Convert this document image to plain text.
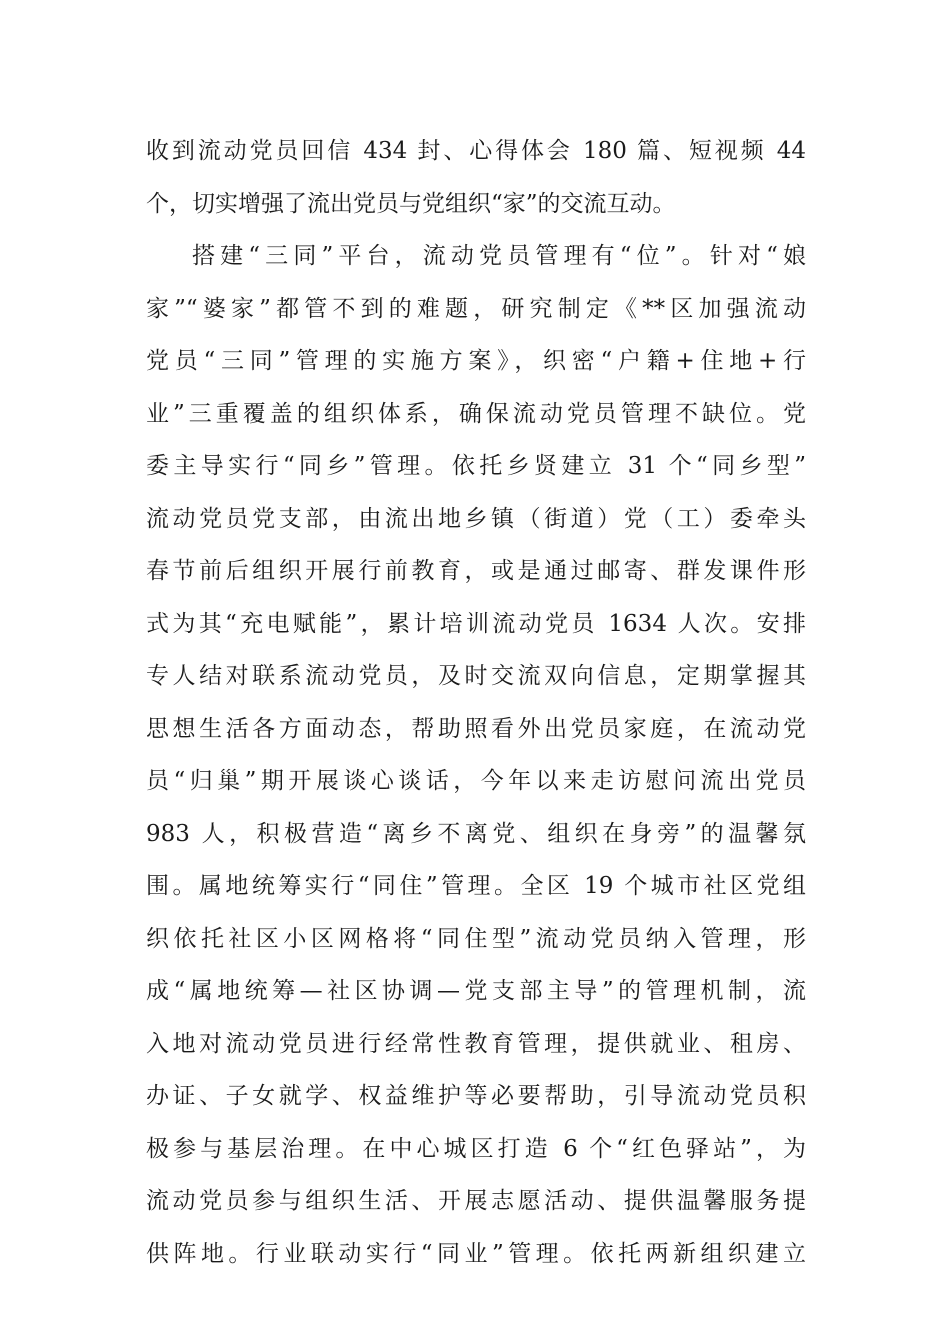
收到流动党员回信 434 封、心得体会 180 篇、短视频 44
个，切实增强了流出党员与党组织“家”的交流互动。
搭建“三同”平台，流动党员管理有“位”。针对“娘
家”“婆家”都管不到的难题，研究制定《**区加强流动
党员“三同”管理的实施方案》，织密“户籍+住地+行
业”三重覆盖的组织体系，确保流动党员管理不缺位。党
委主导实行“同乡”管理。依托乡贤建立 31 个“同乡型”
流动党员党支部，由流出地乡镇（街道）党（工）委牵头
春节前后组织开展行前教育，或是通过邮寄、群发课件形
式为其“充电赋能”，累计培训流动党员 1634 人次。安排
专人结对联系流动党员，及时交流双向信息，定期掌握其
思想生活各方面动态，帮助照看外出党员家庭，在流动党
员“归巢”期开展谈心谈话，今年以来走访慰问流出党员
983 人，积极营造“离乡不离党、组织在身旁”的温馨氛
围。属地统筹实行“同住”管理。全区 19 个城市社区党组
织依托社区小区网格将“同住型”流动党员纳入管理，形
成“属地统筹—社区协调—党支部主导”的管理机制，流
入地对流动党员进行经常性教育管理，提供就业、租房、
办证、子女就学、权益维护等必要帮助，引导流动党员积
极参与基层治理。在中心城区打造 6 个“红色驿站”，为
流动党员参与组织生活、开展志愿活动、提供温馨服务提
供阵地。行业联动实行“同业”管理。依托两新组织建立
